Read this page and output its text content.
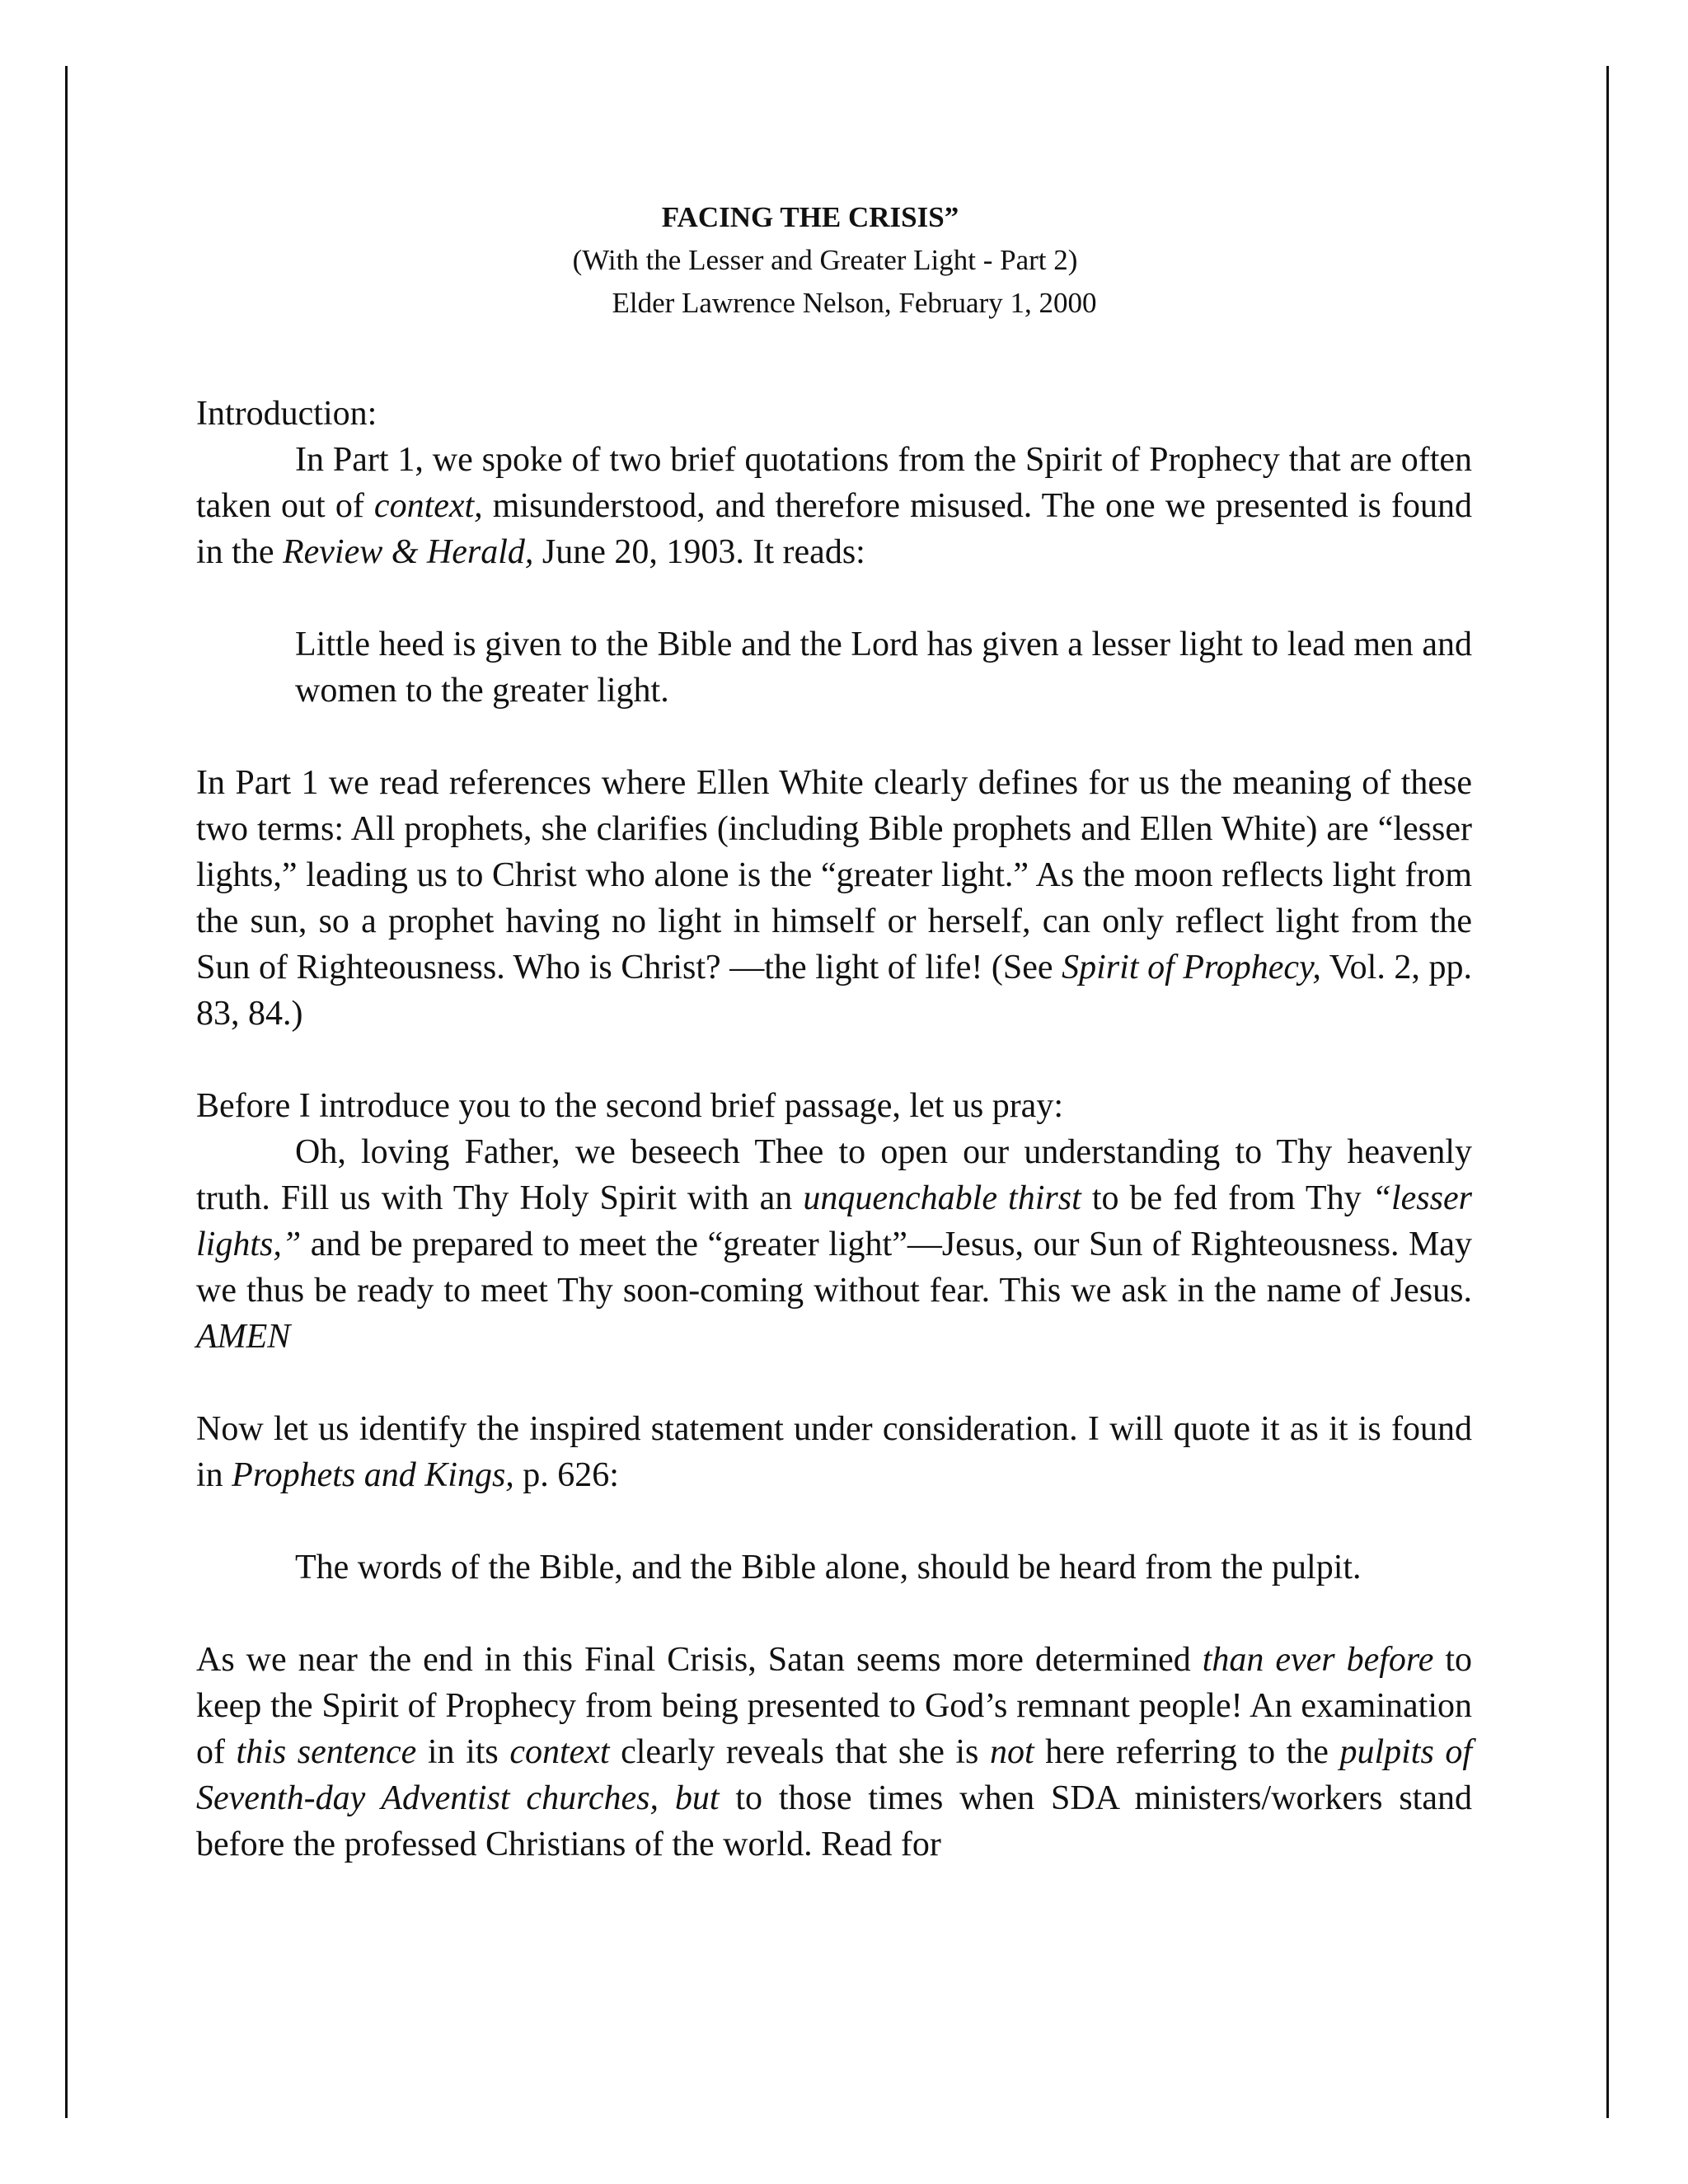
FACING THE CRISIS”
(With the Lesser and Greater Light - Part 2)
Elder Lawrence Nelson, February 1, 2000

Introduction:

In Part 1, we spoke of two brief quotations from the Spirit of Prophecy that are often taken out of context, misunderstood, and therefore misused. The one we presented is found in the Review & Herald, June 20, 1903. It reads:

Little heed is given to the Bible and the Lord has given a lesser light to lead men and women to the greater light.

In Part 1 we read references where Ellen White clearly defines for us the meaning of these two terms: All prophets, she clarifies (including Bible prophets and Ellen White) are “lesser lights,” leading us to Christ who alone is the “greater light.” As the moon reflects light from the sun, so a prophet having no light in himself or herself, can only reflect light from the Sun of Righteousness. Who is Christ? —the light of life! (See Spirit of Prophecy, Vol. 2, pp. 83, 84.)

Before I introduce you to the second brief passage, let us pray:

Oh, loving Father, we beseech Thee to open our understanding to Thy heavenly truth. Fill us with Thy Holy Spirit with an unquenchable thirst to be fed from Thy “lesser lights,” and be prepared to meet the “greater light”—Jesus, our Sun of Righteousness. May we thus be ready to meet Thy soon-coming without fear. This we ask in the name of Jesus. AMEN

Now let us identify the inspired statement under consideration. I will quote it as it is found in Prophets and Kings, p. 626:

The words of the Bible, and the Bible alone, should be heard from the pulpit.

As we near the end in this Final Crisis, Satan seems more determined than ever before to keep the Spirit of Prophecy from being presented to God’s remnant people! An examination of this sentence in its context clearly reveals that she is not here referring to the pulpits of Seventh-day Adventist churches, but to those times when SDA ministers/workers stand before the professed Christians of the world. Read for
